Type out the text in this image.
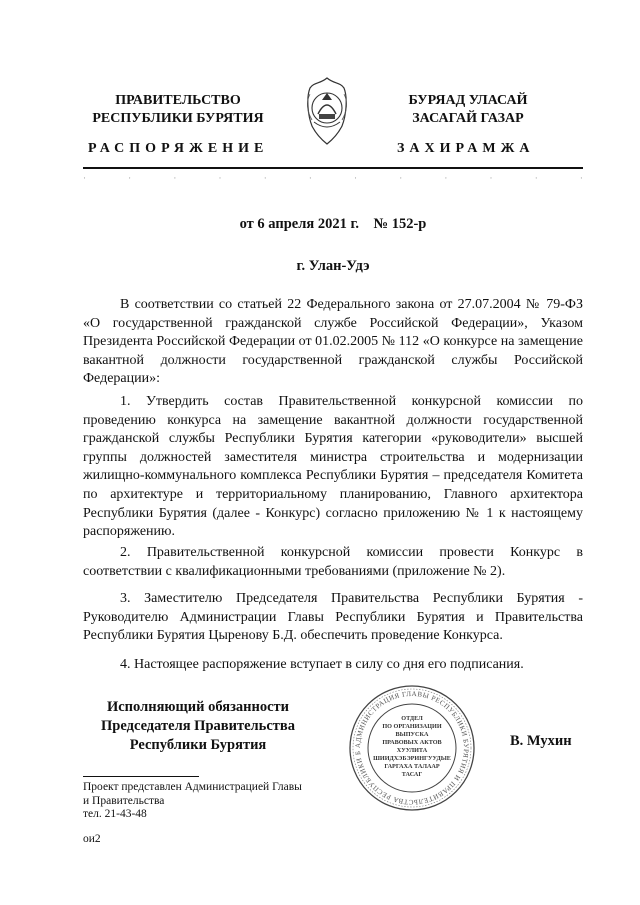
ПРАВИТЕЛЬСТВО
РЕСПУБЛИКИ БУРЯТИЯ
РАСПОРЯЖЕНИЕ
БУРЯАД УЛАСАЙ
ЗАСАГАЙ ГАЗАР
ЗАХИРАМЖА
·	·	·	·	·	·	·	·	·	·	·	·
от 6 апреля 2021 г.    № 152-р
г. Улан-Удэ
В соответствии со статьей 22 Федерального закона от 27.07.2004 № 79-ФЗ «О государственной гражданской службе Российской Федерации», Указом Президента Российской Федерации от 01.02.2005 № 112 «О конкурсе на замещение вакантной должности государственной гражданской службы Российской Федерации»:
1. Утвердить состав Правительственной конкурсной комиссии по проведению конкурса на замещение вакантной должности государственной гражданской службы Республики Бурятия категории «руководители» высшей группы должностей заместителя министра строительства и модернизации жилищно-коммунального комплекса Республики Бурятия – председателя Комитета по архитектуре и территориальному планированию, Главного архитектора Республики Бурятия (далее - Конкурс) согласно приложению № 1 к настоящему распоряжению.
2. Правительственной конкурсной комиссии провести Конкурс в соответствии с квалификационными требованиями (приложение № 2).
3. Заместителю Председателя Правительства Республики Бурятия - Руководителю Администрации Главы Республики Бурятия и Правительства Республики Бурятия Цыренову Б.Д. обеспечить проведение Конкурса.
4. Настоящее распоряжение вступает в силу со дня его подписания.
Исполняющий обязанности
Председателя Правительства
Республики Бурятия	В. Мухин
АДМИНИСТРАЦИЯ ГЛАВЫ РЕСПУБЛИКИ БУРЯТИЯ И ПРАВИТЕЛЬСТВА РЕСПУБЛИКИ Б
ОТДЕЛ
ПО ОРГАНИЗАЦИИ
ВЫПУСКА
ПРАВОВЫХ АКТОВ
ХУУЛИТА
ШИИДХЭБЭРИНГУУДЫЕ
ГАРГАХА ТАЛААР
ТАСАГ
Проект представлен Администрацией Главы
и Правительства
тел. 21-43-48
ои2
